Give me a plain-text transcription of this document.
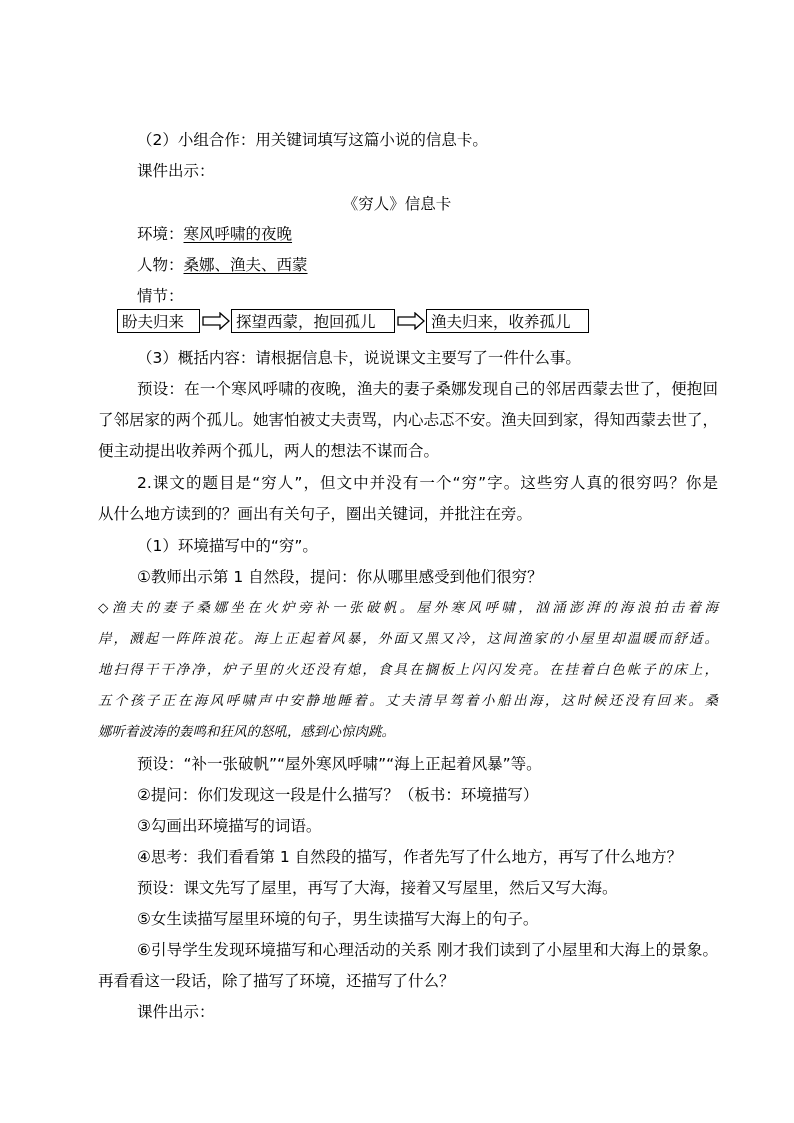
（2）小组合作：用关键词填写这篇小说的信息卡。
课件出示：
《穷人》信息卡
环境：寒风呼啸的夜晚
人物：桑娜、渔夫、西蒙
情节：
盼夫归来	探望西蒙，抱回孤儿	渔夫归来，收养孤儿
（3）概括内容：请根据信息卡，说说课文主要写了一件什么事。
预设：在一个寒风呼啸的夜晚，渔夫的妻子桑娜发现自己的邻居西蒙去世了，便抱回
了邻居家的两个孤儿。她害怕被丈夫责骂，内心忐忑不安。渔夫回到家，得知西蒙去世了，
便主动提出收养两个孤儿，两人的想法不谋而合。
2.课文的题目是“穷人”，但文中并没有一个“穷”字。这些穷人真的很穷吗？你是
从什么地方读到的？画出有关句子，圈出关键词，并批注在旁。
（1）环境描写中的“穷”。
①教师出示第 1 自然段，提问：你从哪里感受到他们很穷？
◇渔夫的妻子桑娜坐在火炉旁补一张破帆。屋外寒风呼啸，汹涌澎湃的海浪拍击着海
岸，溅起一阵阵浪花。海上正起着风暴，外面又黑又冷，这间渔家的小屋里却温暖而舒适。
地扫得干干净净，炉子里的火还没有熄，食具在搁板上闪闪发亮。在挂着白色帐子的床上，
五个孩子正在海风呼啸声中安静地睡着。丈夫清早驾着小船出海，这时候还没有回来。桑
娜听着波涛的轰鸣和狂风的怒吼，感到心惊肉跳。
预设：“补一张破帆”“屋外寒风呼啸”“海上正起着风暴”等。
②提问：你们发现这一段是什么描写？（板书：环境描写）
③勾画出环境描写的词语。
④思考：我们看看第 1 自然段的描写，作者先写了什么地方，再写了什么地方？
预设：课文先写了屋里，再写了大海，接着又写屋里，然后又写大海。
⑤女生读描写屋里环境的句子，男生读描写大海上的句子。
⑥引导学生发现环境描写和心理活动的关系 刚才我们读到了小屋里和大海上的景象。
再看看这一段话，除了描写了环境，还描写了什么？
课件出示：
